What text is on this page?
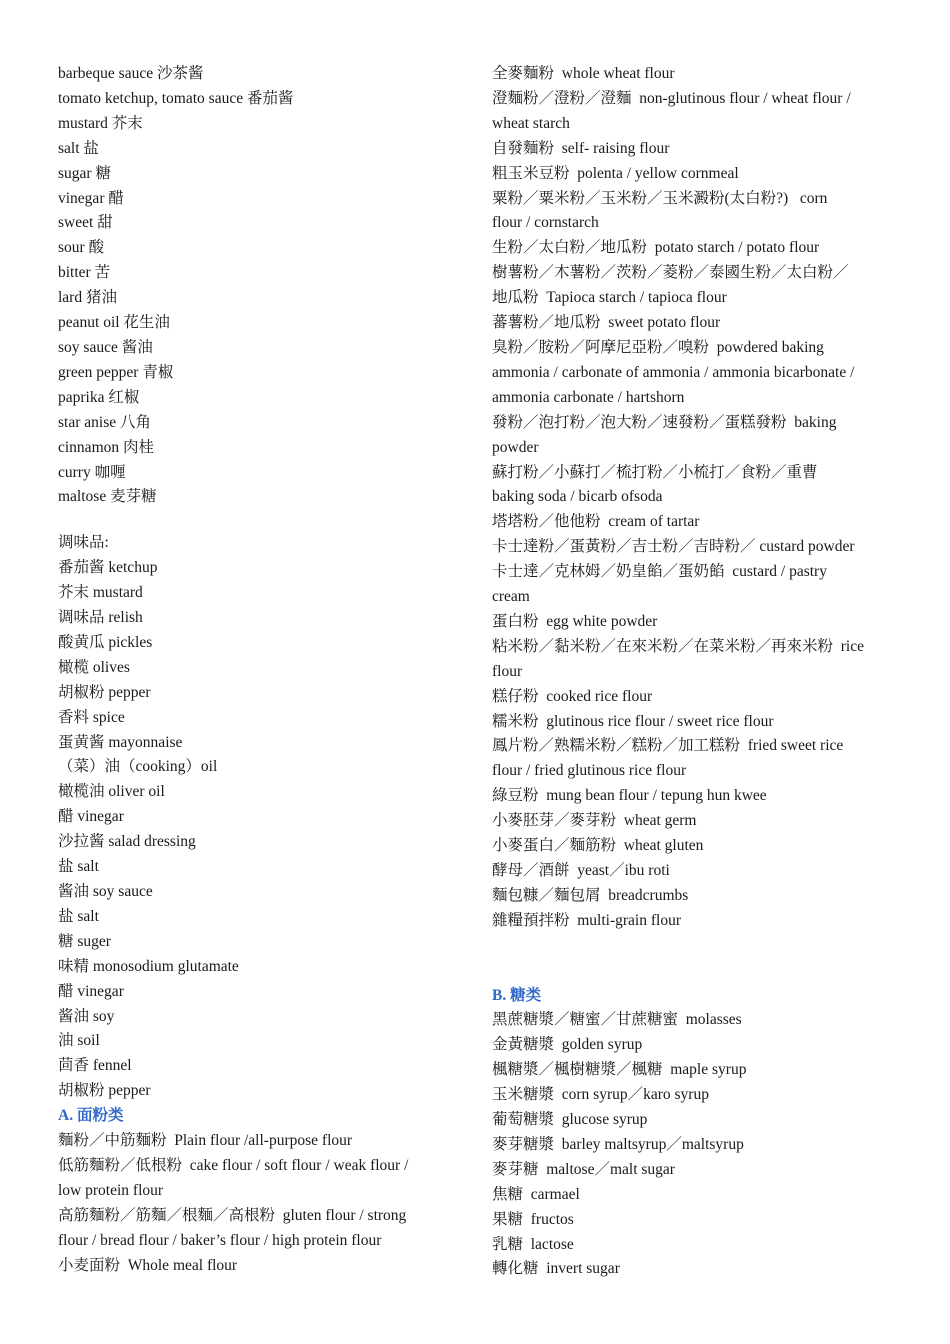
barbeque sauce 沙茶酱
tomato ketchup, tomato sauce 番茄酱
mustard 芥末
salt 盐
sugar 糖
vinegar 醋
sweet 甜
sour 酸
bitter 苦
lard 猪油
peanut oil 花生油
soy sauce 酱油
green pepper 青椒
paprika 红椒
star anise 八角
cinnamon 肉桂
curry 咖喱
maltose 麦芽糖
调味品:
番茄酱 ketchup
芥末 mustard
调味品 relish
酸黄瓜 pickles
橄榄 olives
胡椒粉 pepper
香料 spice
蛋黄酱 mayonnaise
（菜）油（cooking）oil
橄榄油 oliver oil
醋 vinegar
沙拉酱 salad dressing
盐 salt
酱油 soy sauce
盐 salt
糖 suger
味精 monosodium glutamate
醋 vinegar
酱油 soy
油 soil
茴香 fennel
胡椒粉 pepper
A. 面粉类
麵粉／中筋麵粉  Plain flour /all-purpose flour
低筋麵粉／低根粉  cake flour / soft flour / weak flour /
low protein flour
高筋麵粉／筋麵／根麵／高根粉  gluten flour / strong
flour / bread flour / baker’s flour / high protein flour
小麦面粉  Whole meal flour
全麥麵粉  whole wheat flour
澄麵粉／澄粉／澄麵  non-glutinous flour / wheat flour /
wheat starch
自發麵粉  self- raising flour
粗玉米豆粉  polenta / yellow cornmeal
粟粉／粟米粉／玉米粉／玉米澱粉(太白粉?)   corn
flour / cornstarch
生粉／太白粉／地瓜粉  potato starch / potato flour
樹薯粉／木薯粉／茨粉／菱粉／泰國生粉／太白粉／
地瓜粉  Tapioca starch / tapioca flour
蕃薯粉／地瓜粉  sweet potato flour
臭粉／胺粉／阿摩尼亞粉／嗅粉  powdered baking
ammonia / carbonate of ammonia / ammonia bicarbonate /
ammonia carbonate / hartshorn
發粉／泡打粉／泡大粉／速發粉／蛋糕發粉  baking
powder
蘇打粉／小蘇打／梳打粉／小梳打／食粉／重曹
baking soda / bicarb ofsoda
塔塔粉／他他粉  cream of tartar
卡士達粉／蛋黃粉／吉士粉／吉時粉／ custard powder
卡士達／克林姆／奶皇餡／蛋奶餡  custard / pastry
cream
蛋白粉  egg white powder
粘米粉／黏米粉／在來米粉／在菜米粉／再來米粉  rice
flour
糕仔粉  cooked rice flour
糯米粉  glutinous rice flour / sweet rice flour
鳳片粉／熟糯米粉／糕粉／加工糕粉  fried sweet rice
flour / fried glutinous rice flour
綠豆粉  mung bean flour / tepung hun kwee
小麥胚芽／麥芽粉  wheat germ
小麥蛋白／麵筋粉  wheat gluten
酵母／酒餅  yeast／ibu roti
麵包糠／麵包屑  breadcrumbs
雜糧預拌粉  multi-grain flour
B. 糖类
黑蔗糖漿／糖蜜／甘蔗糖蜜  molasses
金黃糖漿  golden syrup
楓糖漿／楓樹糖漿／楓糖  maple syrup
玉米糖漿  corn syrup／karo syrup
葡萄糖漿  glucose syrup
麥芽糖漿  barley maltsyrup／maltsyrup
麥芽糖  maltose／malt sugar
焦糖  carmael
果糖  fructos
乳糖  lactose
轉化糖  invert sugar
